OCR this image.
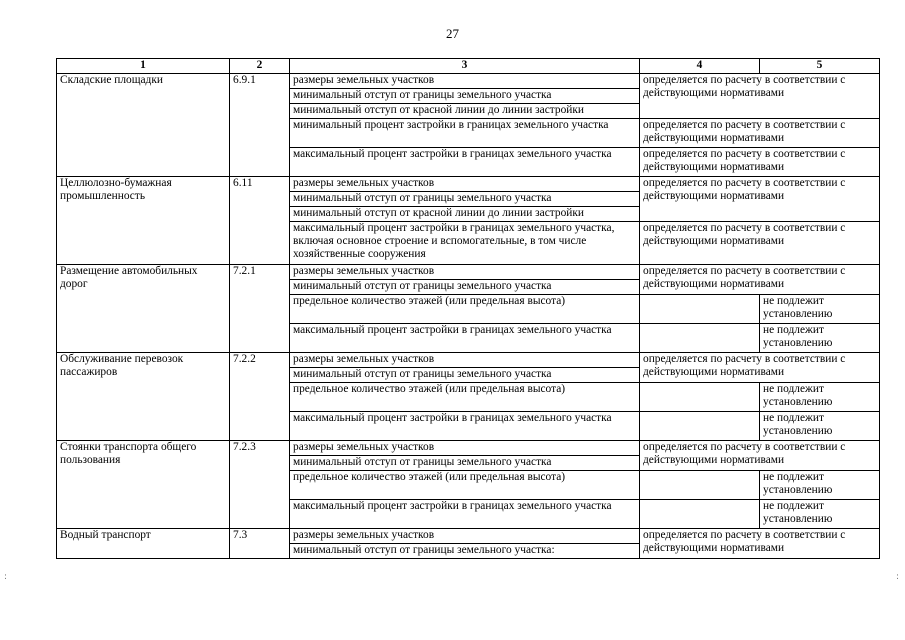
27
1	2	3	4	5
Складские площадки	6.9.1	размеры земельных участков	определяется по расчету в соответствии с действующими нормативами	
		минимальный отступ от границы земельного участка		
		минимальный отступ от красной линии до линии застройки		
		минимальный процент застройки в границах земельного участка	определяется по расчету в соответствии с действующими нормативами	
		максимальный процент застройки в границах земельного участка	определяется по расчету в соответствии с действующими нормативами	
Целлюлозно-бумажная промышленность	6.11	размеры земельных участков	определяется по расчету в соответствии с действующими нормативами	
		минимальный отступ от границы земельного участка		
		минимальный отступ от красной линии до линии застройки		
		максимальный процент застройки в границах земельного участка, включая основное строение и вспомогательные, в том числе хозяйственные сооружения	определяется по расчету в соответствии с действующими нормативами	
Размещение автомобильных дорог	7.2.1	размеры земельных участков	определяется по расчету в соответствии с действующими нормативами	
		минимальный отступ от границы земельного участка		
		предельное количество этажей (или предельная высота)		не подлежит установлению
		максимальный процент застройки в границах земельного участка		не подлежит установлению
Обслуживание перевозок пассажиров	7.2.2	размеры земельных участков	определяется по расчету в соответствии с действующими нормативами	
		минимальный отступ от границы земельного участка		
		предельное количество этажей (или предельная высота)		не подлежит установлению
		максимальный процент застройки в границах земельного участка		не подлежит установлению
Стоянки транспорта общего пользования	7.2.3	размеры земельных участков	определяется по расчету в соответствии с действующими нормативами	
		минимальный отступ от границы земельного участка		
		предельное количество этажей (или предельная высота)		не подлежит установлению
		максимальный процент застройки в границах земельного участка		не подлежит установлению
Водный транспорт	7.3	размеры земельных участков	определяется по расчету в соответствии с действующими нормативами	
		минимальный отступ от границы земельного участка:		
:	:
